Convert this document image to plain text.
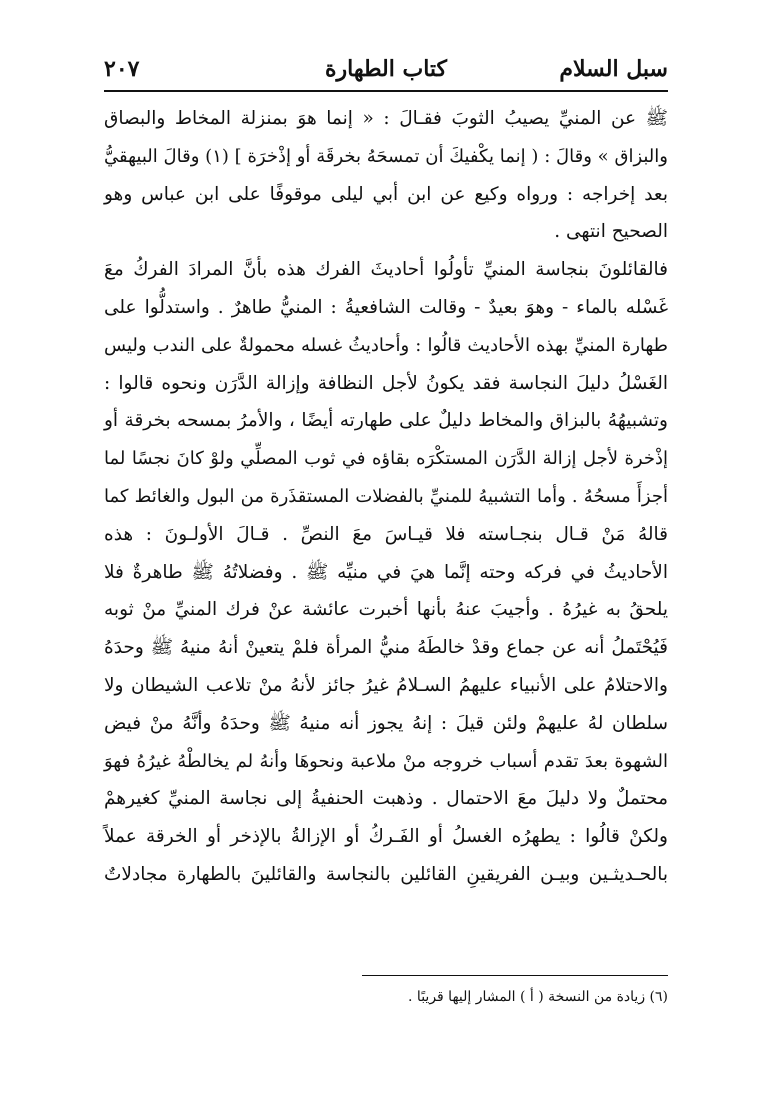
٢٠٧	كتاب الطهارة	سبل السلام
ﷺ عن المنيِّ يصيبُ الثوبَ فقـالَ : « إنما هوَ بمنزلة المخاط والبصاق
والبزاق » وقالَ : ( إنما يكْفيكَ أن تمسحَهُ بخرقَة أو إذْخرَة ] (١) وقالَ البيهقيُّ
بعد إخراجه : ورواه وكيع عن ابن أبي ليلى موقوفًا على ابن عباس وهو
الصحيح انتهى .
فالقائلونَ بنجاسة المنيِّ تأولُوا أحاديثَ الفرك هذه بأنَّ المرادَ الفركُ معَ
غَسْله بالماء - وهوَ بعيدٌ - وقالت الشافعيةُ : المنيُّ طاهرٌ . واستدلُّوا على
طهارة المنيِّ بهذه الأحاديث قالُوا : وأحاديثُ غسله محمولةٌ على الندب وليس
الغَسْلُ دليلَ النجاسة فقد يكونُ لأجل النظافة وإزالة الدَّرَن ونحوه قالوا :
وتشبيهُهُ بالبزاق والمخاط دليلٌ على طهارته أيضًا ، والأمرُ بمسحه بخرقة أو
إذْخرة لأجل إزالة الدَّرَن المستكْرَه بقاؤه في ثوب المصلِّي ولوْ كانَ نجسًا لما
أجزأَ مسحُهُ . وأما التشبيهُ للمنيِّ بالفضلات المستقذَرة من البول والغائط كما
قالهُ مَنْ قـال بنجـاسته فلا قيـاسَ معَ النصِّ . قـالَ الأولـونَ : هذه
الأحاديثُ في فركه وحته إنَّما هيَ في منيِّه ﷺ . وفضلاتُهُ ﷺ طاهرةٌ فلا
يلحقُ به غيرُهُ . وأجيبَ عنهُ بأنها أخبرت عائشة عنْ فرك المنيِّ منْ ثوبه
فَيُحْتَملُ أنه عن جماع وقدْ خالطَهُ منيُّ المرأة فلمْ يتعينْ أنهُ منيهُ ﷺ وحدَهُ
والاحتلامُ على الأنبياء عليهمُ السـلامُ غيرُ جائز لأنهُ منْ تلاعب الشيطان ولا
سلطان لهُ عليهمْ ولئن قيلَ : إنهُ يجوز أنه منيهُ ﷺ وحدَهُ وأنَّهُ منْ فيض
الشهوة بعدَ تقدم أسباب خروجه منْ ملاعبة ونحوهَا وأنهُ لم يخالطْهُ غيرُهُ فهوَ
محتملٌ ولا دليلَ معَ الاحتمال . وذهبت الحنفيةُ إلى نجاسة المنيِّ كغيرهمْ
ولكنْ قالُوا : يطهرُه الغسلُ أو الفَـركُ أو الإزالةُ بالإذخر أو الخرقة عملاً
بالحـديثـين وبيـن الفريقينِ القائلين بالنجاسة والقائلينَ بالطهارة مجادلاتٌ
(٦) زيادة من النسخة ( أ ) المشار إليها قريبًا .
